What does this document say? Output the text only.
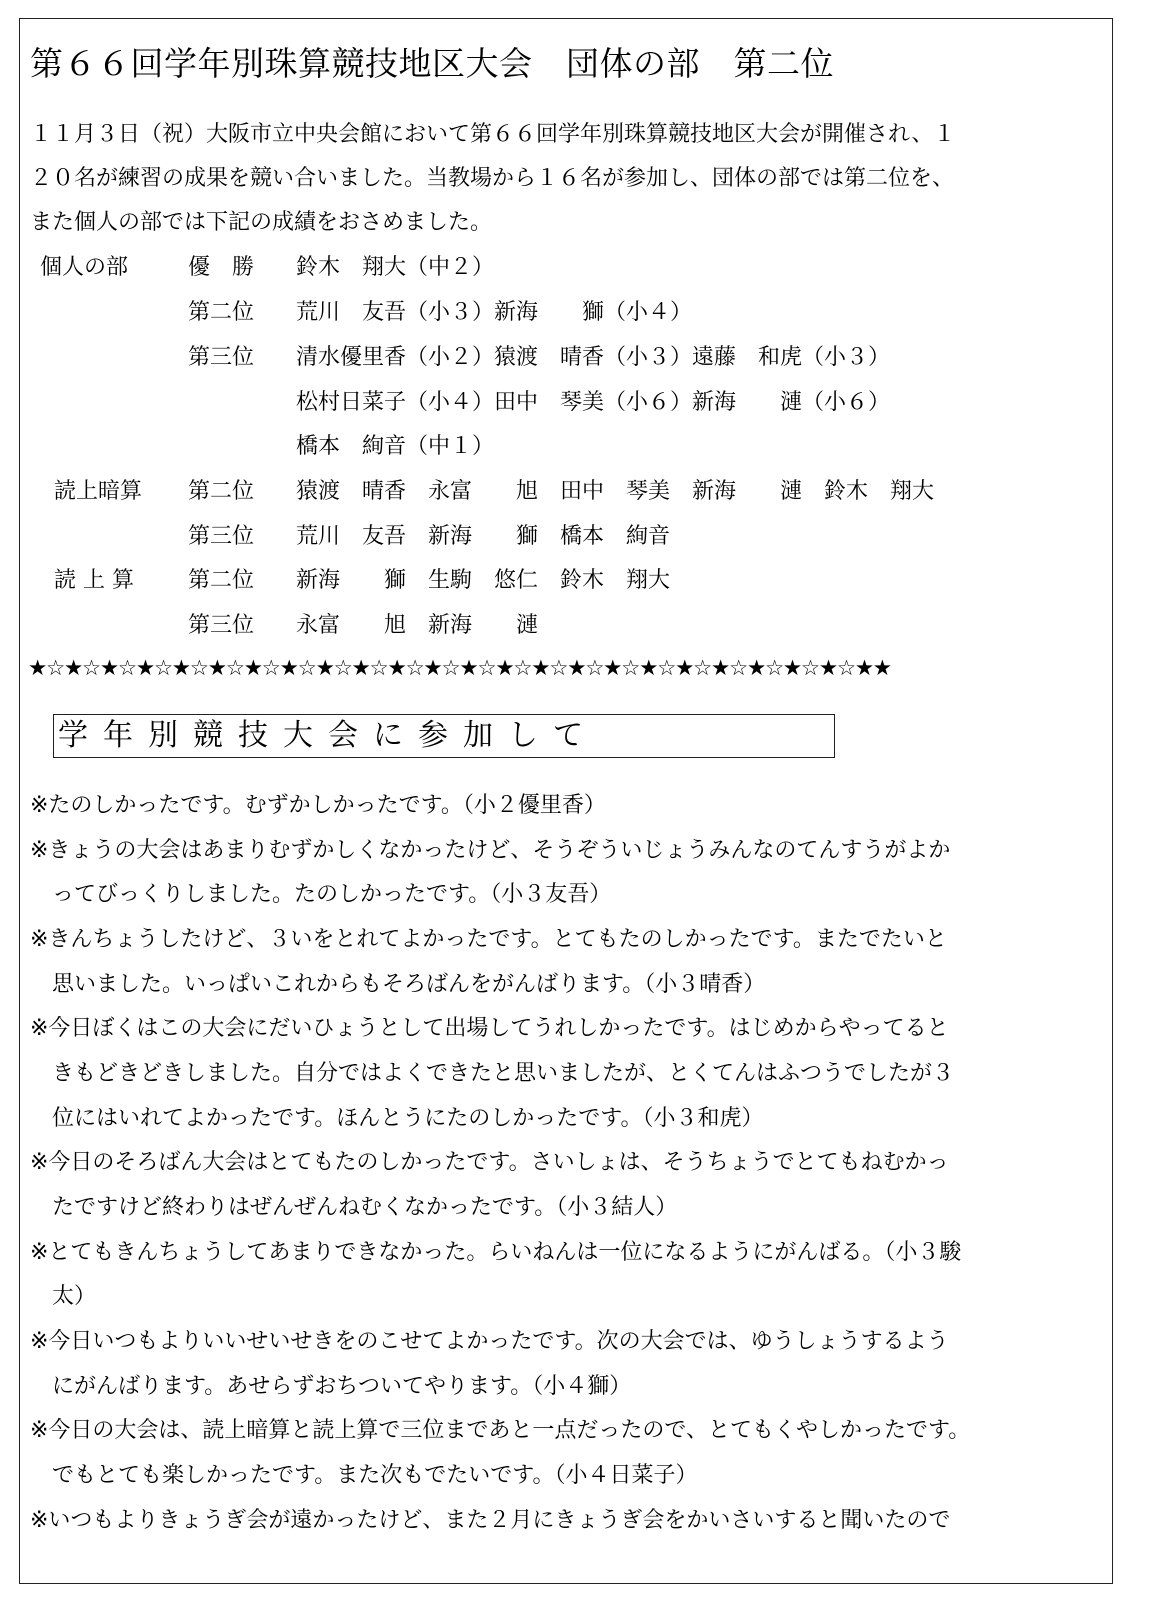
第６６回学年別珠算競技地区大会　団体の部　第二位
１１月３日（祝）大阪市立中央会館において第６６回学年別珠算競技地区大会が開催され、１
２０名が練習の成果を競い合いました。当教場から１６名が参加し、団体の部では第二位を、
また個人の部では下記の成績をおさめました。
個人の部	優　勝 鈴木　翔大（中２）
第二位 荒川　友吾（小３）新海　　獅（小４）
第三位 清水優里香（小２）猿渡　晴香（小３）遠藤　和虎（小３）
松村日菜子（小４）田中　琴美（小６）新海　　漣（小６）
橋本　絢音（中１）
読上暗算 第二位 猿渡　晴香　永富　　旭　田中　琴美　新海　　漣　鈴木　翔大
第三位 荒川　友吾　新海　　獅　橋本　絢音
読 上 算 第二位 新海　　獅　生駒　悠仁　鈴木　翔大
第三位 永富　　旭　新海　　漣
★☆★☆★☆★☆★☆★☆★☆★☆★☆★☆★☆★☆★☆★☆★☆★☆★☆★☆★☆★☆★☆★☆★☆★★
学年別競技大会に参加して
※たのしかったです。むずかしかったです。（小２優里香）
※きょうの大会はあまりむずかしくなかったけど、そうぞういじょうみんなのてんすうがよか
　ってびっくりしました。たのしかったです。（小３友吾）
※きんちょうしたけど、３いをとれてよかったです。とてもたのしかったです。またでたいと
　思いました。いっぱいこれからもそろばんをがんばります。（小３晴香）
※今日ぼくはこの大会にだいひょうとして出場してうれしかったです。はじめからやってると
　きもどきどきしました。自分ではよくできたと思いましたが、とくてんはふつうでしたが３
　位にはいれてよかったです。ほんとうにたのしかったです。（小３和虎）
※今日のそろばん大会はとてもたのしかったです。さいしょは、そうちょうでとてもねむかっ
　たですけど終わりはぜんぜんねむくなかったです。（小３結人）
※とてもきんちょうしてあまりできなかった。らいねんは一位になるようにがんばる。（小３駿
　太）
※今日いつもよりいいせいせきをのこせてよかったです。次の大会では、ゆうしょうするよう
　にがんばります。あせらずおちついてやります。（小４獅）
※今日の大会は、読上暗算と読上算で三位まであと一点だったので、とてもくやしかったです。
　でもとても楽しかったです。また次もでたいです。（小４日菜子）
※いつもよりきょうぎ会が遠かったけど、また２月にきょうぎ会をかいさいすると聞いたので
